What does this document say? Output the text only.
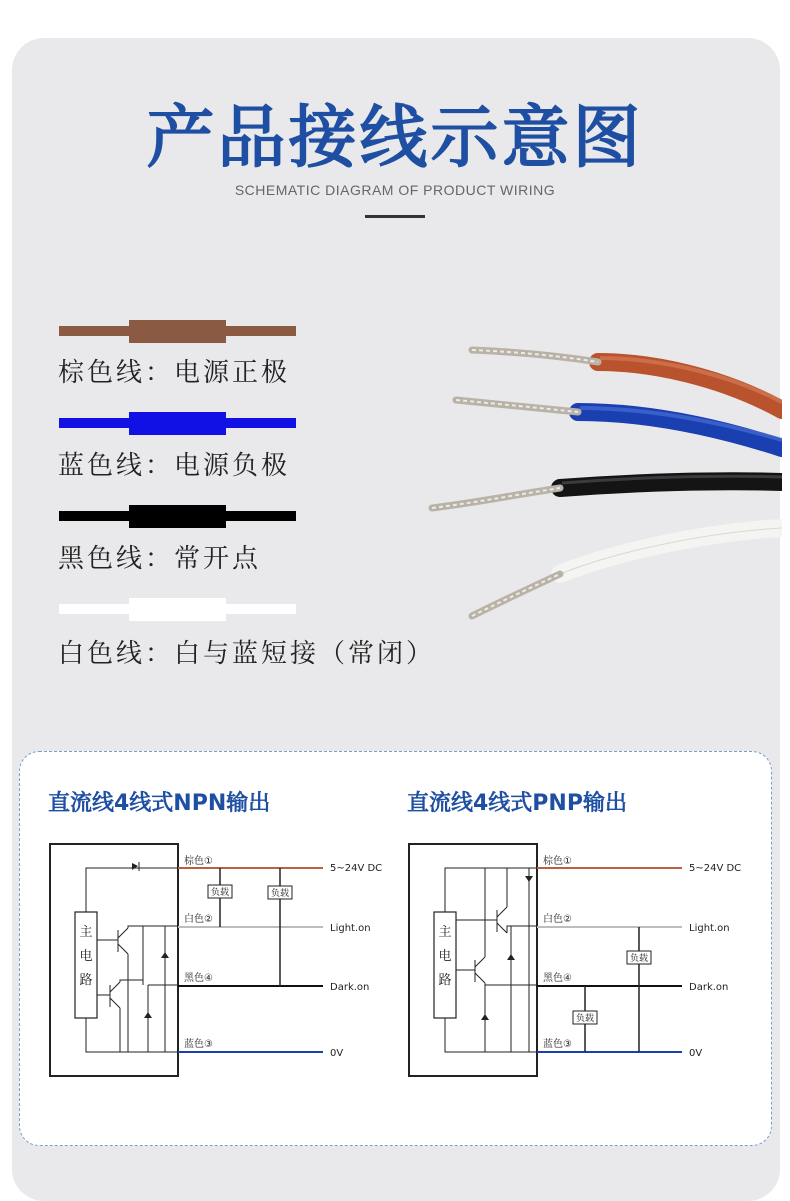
产品接线示意图
SCHEMATIC DIAGRAM OF PRODUCT WIRING
棕色线：电源正极
蓝色线：电源负极
黑色线：常开点
白色线：白与蓝短接（常闭）
直流线4线式NPN输出	直流线4线式PNP输出
主
电
路
负载	负载
棕色①
白色②
黑色④
蓝色③
5~24V DC
Light.on
Dark.on
0V
主
电
路
负载
负载
棕色①
白色②
黑色④
蓝色③
5~24V DC
Light.on
Dark.on
0V
